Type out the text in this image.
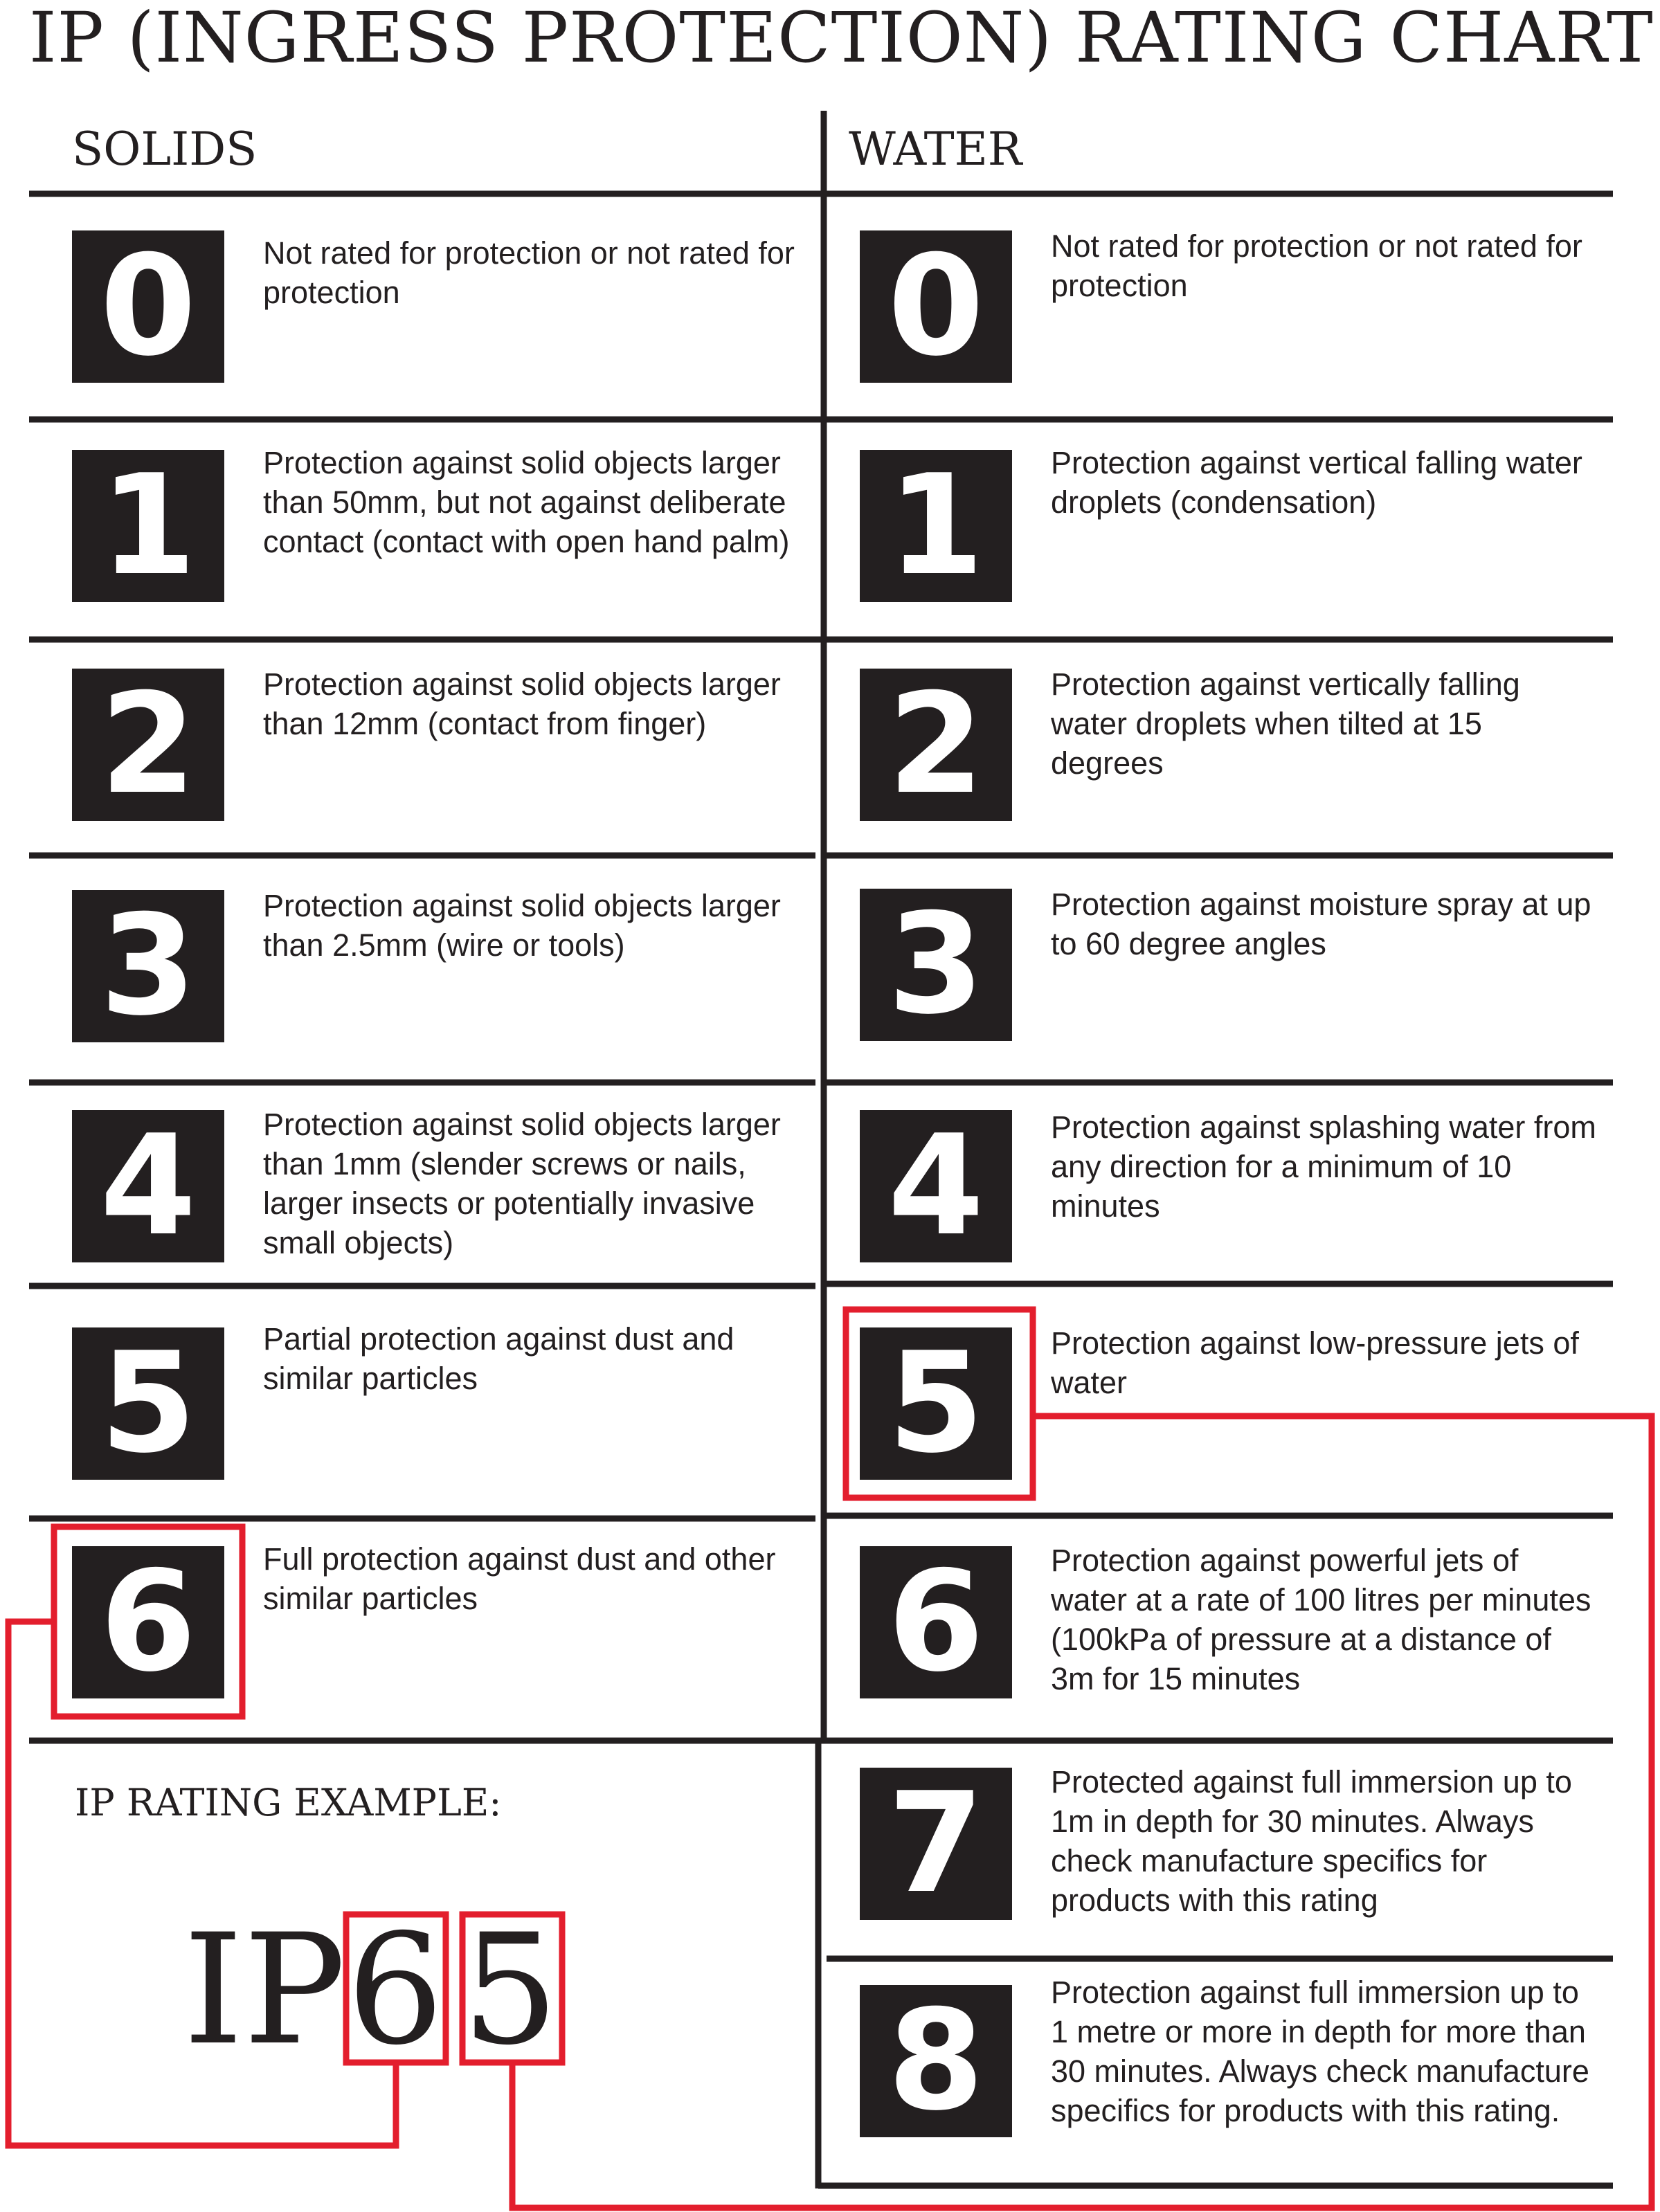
IP (INGRESS PROTECTION) RATING CHART
SOLIDS	WATER
0	Not rated for protection or not rated for protection
1	Protection against solid objects larger than 50mm, but not against deliberate contact (contact with open hand palm)
2	Protection against solid objects larger than 12mm (contact from finger)
3	Protection against solid objects larger than 2.5mm (wire or tools)
4	Protection against solid objects larger than 1mm (slender screws or nails, larger insects or potentially invasive small objects)
5	Partial protection against dust and similar particles
6	Full protection against dust and other similar particles
0	Not rated for protection or not rated for protection
1	Protection against vertical falling water droplets (condensation)
2	Protection against vertically falling water droplets when tilted at 15 degrees
3	Protection against moisture spray at up to 60 degree angles
4	Protection against splashing water from any direction for a minimum of 10 minutes
5	Protection against low-pressure jets of water
6	Protection against powerful jets of water at a rate of 100 litres per minutes (100kPa of pressure at a distance of 3m for 15 minutes
7	Protected against full immersion up to 1m in depth for 30 minutes. Always check manufacture specifics for products with this rating
8	Protection against full immersion up to 1 metre or more in depth for more than 30 minutes. Always check manufacture specifics for products with this rating.
IP RATING EXAMPLE:
IP 6 5
